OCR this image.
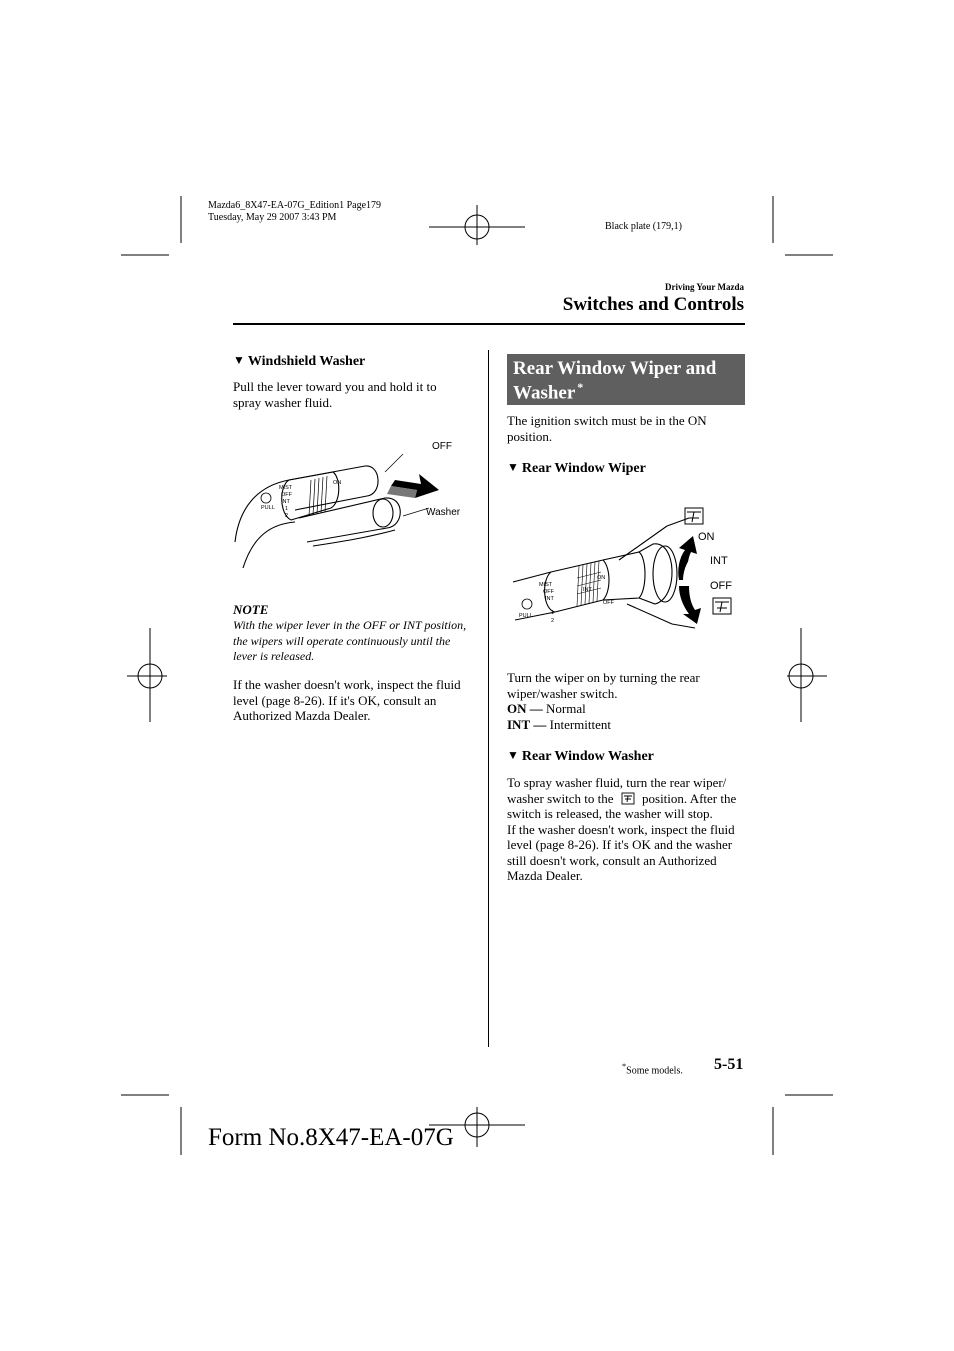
Mazda6_8X47-EA-07G_Edition1 Page179
Tuesday, May 29 2007 3:43 PM
Black plate (179,1)
Driving Your Mazda
Switches and Controls
▼ Windshield Washer
Pull the lever toward you and hold it to spray washer fluid.
MIST
OFF
INT
1
2
PULL
ON
OFF
Washer
NOTE
With the wiper lever in the OFF or INT position, the wipers will operate continuously until the lever is released.
If the washer doesn't work, inspect the fluid level (page 8-26). If it's OK, consult an Authorized Mazda Dealer.
Rear Window Wiper and
Washer *
The ignition switch must be in the ON position.
▼ Rear Window Wiper
MIST
OFF
INT
1
2
PULL
INT
ON
OFF
ON
INT
OFF
Turn the wiper on by turning the rear wiper/washer switch.
ON — Normal
INT — Intermittent
▼ Rear Window Washer
To spray washer fluid, turn the rear wiper/ washer switch to the position. After the switch is released, the washer will stop.
If the washer doesn't work, inspect the fluid level (page 8-26). If it's OK and the washer still doesn't work, consult an Authorized Mazda Dealer.
*Some models. 5-51
Form No.8X47-EA-07G
